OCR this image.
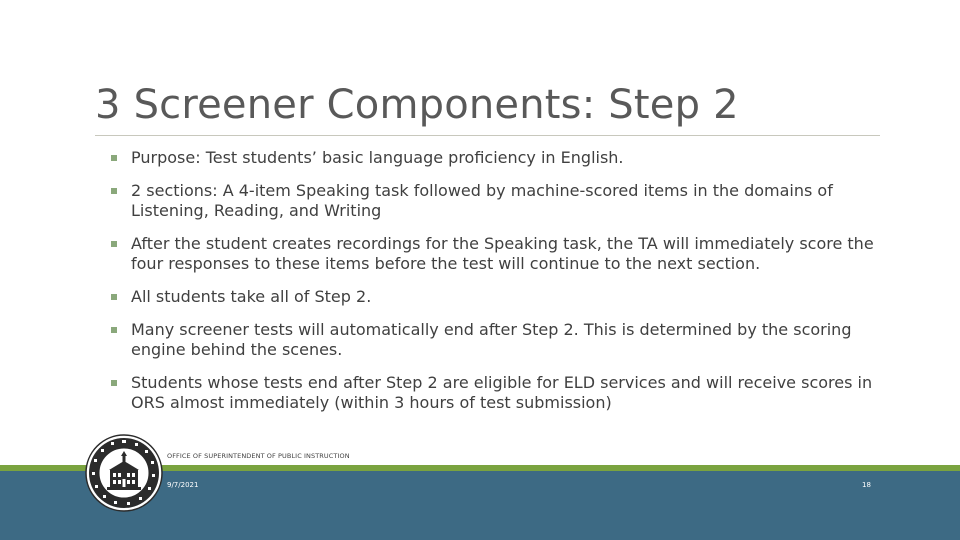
3 Screener Components: Step 2
Purpose: Test students’ basic language proficiency in English.
2 sections: A 4-item Speaking task followed by machine-scored items in the domains of Listening, Reading, and Writing
After the student creates recordings for the Speaking task, the TA will immediately score the four responses to these items before the test will continue to the next section.
All students take all of Step 2.
Many screener tests will automatically end after Step 2. This is determined by the scoring engine behind the scenes.
Students whose tests end after Step 2 are eligible for ELD services and will receive scores in ORS almost immediately (within 3 hours of test submission)
OFFICE OF SUPERINTENDENT OF PUBLIC INSTRUCTION
9/7/2021	18
